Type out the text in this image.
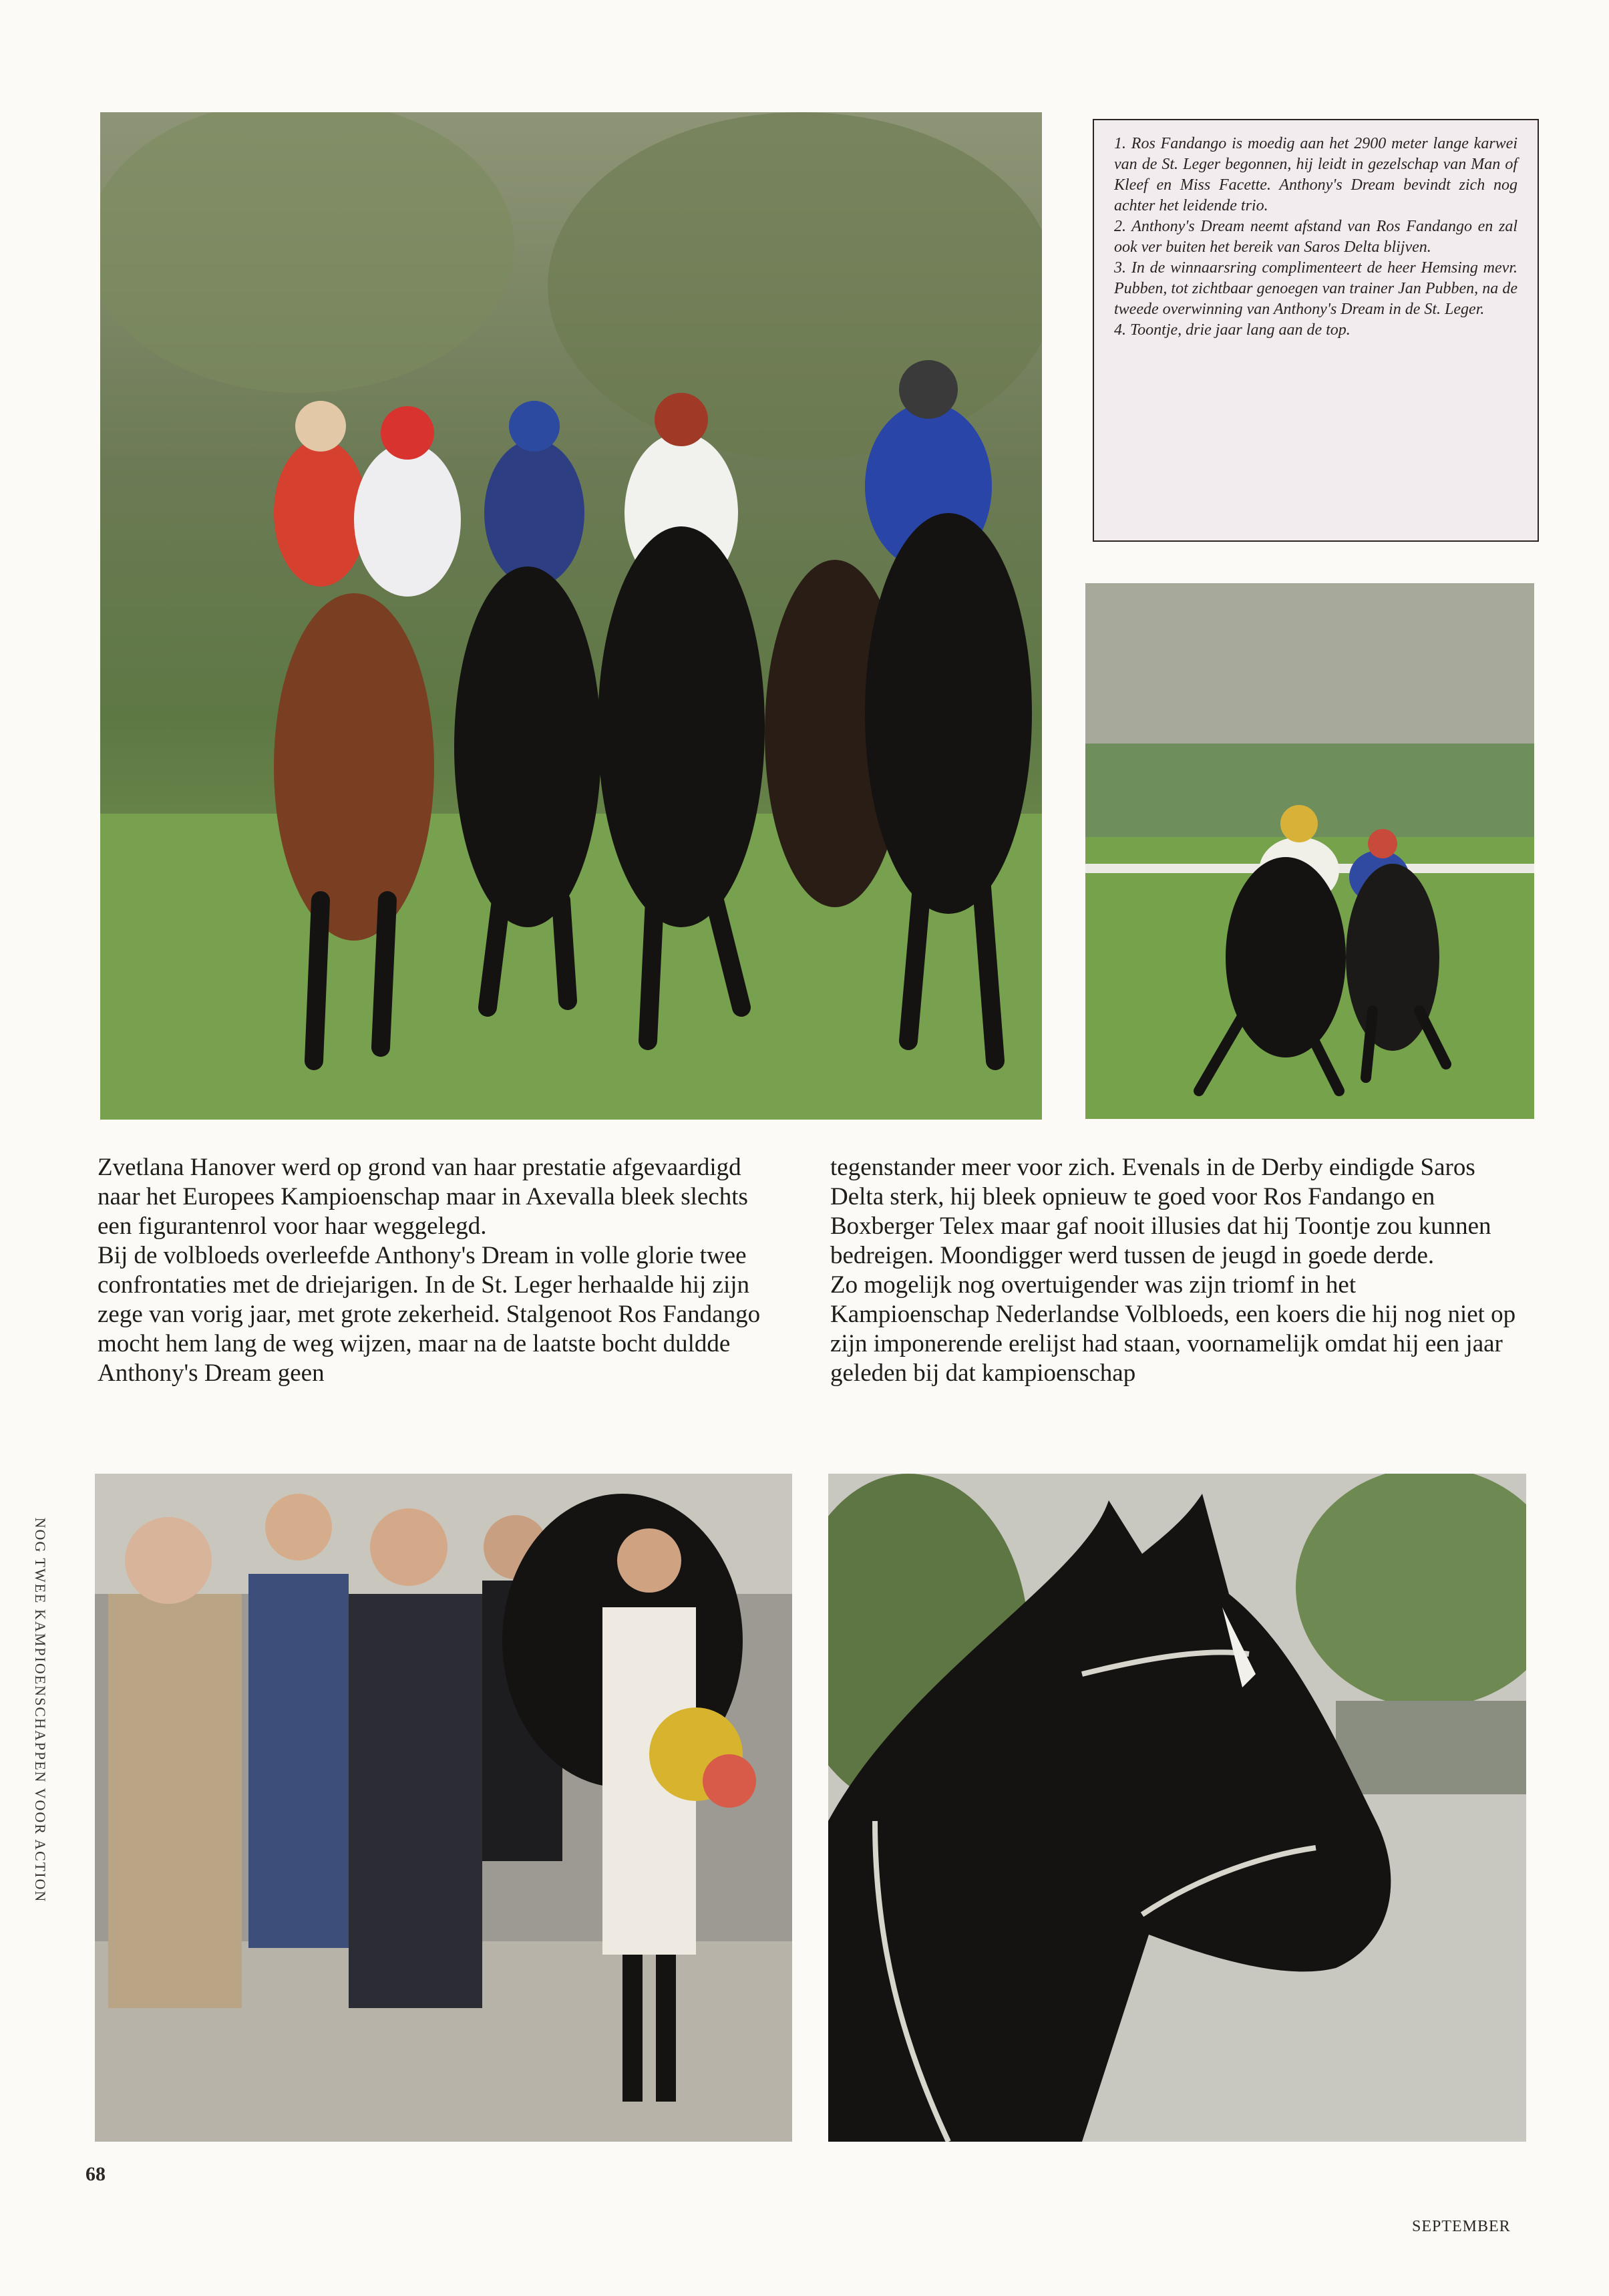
1. Ros Fandango is moedig aan het 2900 meter lange karwei van de St. Leger begonnen, hij leidt in gezelschap van Man of Kleef en Miss Facette. Anthony's Dream bevindt zich nog achter het leidende trio.

2. Anthony's Dream neemt afstand van Ros Fandango en zal ook ver buiten het bereik van Saros Delta blijven.

3. In de winnaarsring complimenteert de heer Hemsing mevr. Pubben, tot zichtbaar genoegen van trainer Jan Pubben, na de tweede overwinning van Anthony's Dream in de St. Leger.

4. Toontje, drie jaar lang aan de top.

Zvetlana Hanover werd op grond van haar prestatie afgevaardigd naar het Europees Kampioenschap maar in Axevalla bleek slechts een figurantenrol voor haar weggelegd.

Bij de volbloeds overleefde Anthony's Dream in volle glorie twee confrontaties met de driejarigen. In de St. Leger herhaalde hij zijn zege van vorig jaar, met grote zekerheid. Stalgenoot Ros Fandango mocht hem lang de weg wijzen, maar na de laatste bocht duldde Anthony's Dream geen

tegenstander meer voor zich. Evenals in de Derby eindigde Saros Delta sterk, hij bleek opnieuw te goed voor Ros Fandango en Boxberger Telex maar gaf nooit illusies dat hij Toontje zou kunnen bedreigen. Moondigger werd tussen de jeugd in goede derde.

Zo mogelijk nog overtuigender was zijn triomf in het Kampioenschap Nederlandse Volbloeds, een koers die hij nog niet op zijn imponerende erelijst had staan, voornamelijk omdat hij een jaar geleden bij dat kampioenschap

NOG TWEE KAMPIOENSCHAPPEN VOOR ACTION
68
SEPTEMBER
